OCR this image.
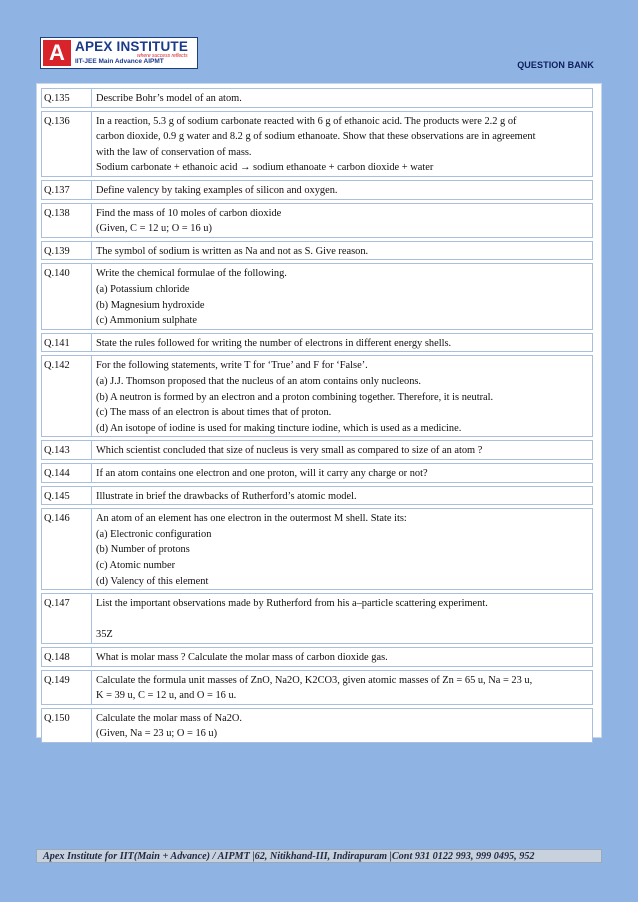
A APEX INSTITUTE
where success reflects
IIT-JEE Main Advance AIPMT	QUESTION BANK
Q.135	Describe Bohr’s model of an atom.
Q.136	In a reaction, 5.3 g of sodium carbonate reacted with 6 g of ethanoic acid. The products were 2.2 g of
carbon dioxide, 0.9 g water and 8.2 g of sodium ethanoate. Show that these observations are in agreement
with the law of conservation of mass.
Sodium carbonate + ethanoic acid → sodium ethanoate + carbon dioxide + water
Q.137	Define valency by taking examples of silicon and oxygen.
Q.138	Find the mass of 10 moles of carbon dioxide
(Given, C = 12 u; O = 16 u)
Q.139	The symbol of sodium is written as Na and not as S. Give reason.
Q.140	Write the chemical formulae of the following.
(a) Potassium chloride
(b) Magnesium hydroxide
(c) Ammonium sulphate
Q.141	State the rules followed for writing the number of electrons in different energy shells.
Q.142	For the following statements, write T for ‘True’ and F for ‘False’.
(a) J.J. Thomson proposed that the nucleus of an atom contains only nucleons.
(b) A neutron is formed by an electron and a proton combining together. Therefore, it is neutral.
(c) The mass of an electron is about times that of proton.
(d) An isotope of iodine is used for making tincture iodine, which is used as a medicine.
Q.143	Which scientist concluded that size of nucleus is very small as compared to size of an atom ?
Q.144	If an atom contains one electron and one proton, will it carry any charge or not?
Q.145	Illustrate in brief the drawbacks of Rutherford’s atomic model.
Q.146	An atom of an element has one electron in the outermost M shell. State its:
(a) Electronic configuration
(b) Number of protons
(c) Atomic number
(d) Valency of this element
Q.147	List the important observations made by Rutherford from his a–particle scattering experiment.
35Z
Q.148	What is molar mass ? Calculate the molar mass of carbon dioxide gas.
Q.149	Calculate the formula unit masses of ZnO, Na2O, K2CO3, given atomic masses of Zn = 65 u, Na = 23 u,
K = 39 u, C = 12 u, and O = 16 u.
Q.150	Calculate the molar mass of Na2O.
(Given, Na = 23 u; O = 16 u)
Apex Institute for IIT(Main + Advance) / AIPMT |62, Nitikhand-III, Indirapuram |Cont 931 0122 993, 999 0495, 952
